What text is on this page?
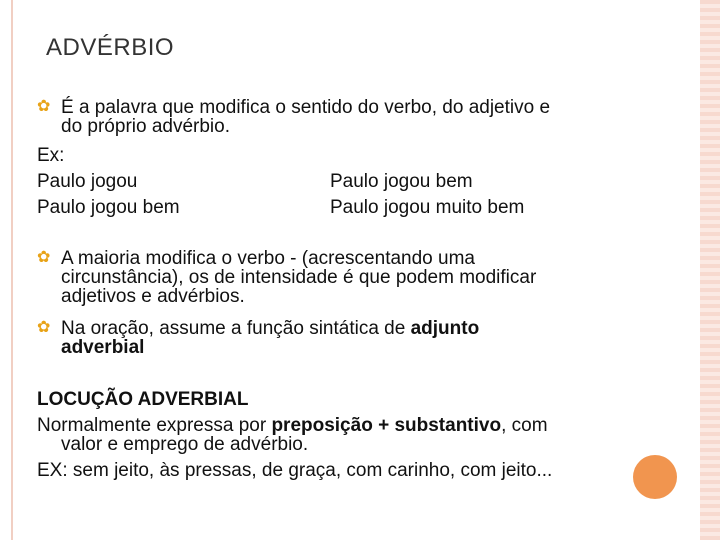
ADVÉRBIO
✿ É a palavra que modifica o sentido do verbo, do adjetivo e
do próprio advérbio.
Ex:
Paulo jogou	Paulo jogou bem
Paulo jogou bem	Paulo jogou muito bem
✿ A maioria modifica o verbo - (acrescentando uma
circunstância), os de intensidade é que podem modificar
adjetivos e advérbios.
✿ Na oração, assume a função sintática de adjunto
adverbial
LOCUÇÃO ADVERBIAL
Normalmente expressa por preposição + substantivo, com
valor e emprego de advérbio.
EX: sem jeito, às pressas, de graça, com carinho, com jeito...
